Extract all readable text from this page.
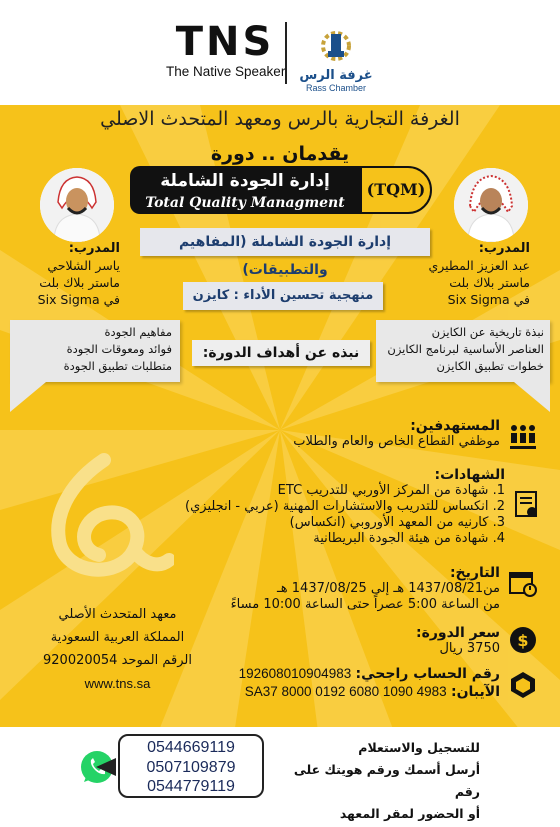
TNS
The Native Speaker غرفة الرس
Rass Chamber
الغرفة التجارية بالرس ومعهد المتحدث الاصلي
يقدمان .. دورة
إدارة الجودة الشاملة
Total Quality Managment
(TQM)
إدارة الجودة الشاملة (المفاهيم والتطبيقات)
منهجية تحسين الأداء : كايزن
نبذه عن أهداف الدورة:
المدرب:
ياسر الشلاحي
ماستر بلاك بلت
في Six Sigma
المدرب:
عبد العزيز المطيري
ماستر بلاك بلت
في Six Sigma
مفاهيم الجودة
فوائد ومعوقات الجودة
متطلبات تطبيق الجودة
نبذة تاريخية عن الكايزن
العناصر الأساسية لبرنامج الكايزن
خطوات تطبيق الكايزن
المستهدفين:
موظفي القطاع الخاص والعام والطلاب
الشهادات:
1. شهادة من المركز الأوربي للتدريب ETC
2. انكساس للتدريب والاستشارات المهنية (عربي - انجليزي)
3. كارنيه من المعهد الأوروبي (انكساس)
4. شهادة من هيئة الجودة البريطانية
التاريخ:
من1437/08/21 هـ إلى 1437/08/25 هـ
من الساعة 5:00 عصراً حتى الساعة 10:00 مساءً
$
سعر الدورة:
3750 ريال
رقم الحساب راجحي: 192608010904983
الآيبان: SA37 8000 0192 6080 1090 4983
معهد المتحدث الأصلي
المملكة العربية السعودية
الرقم الموحد 920020054
www.tns.sa
0544669119
0507109879
0544779119
للتسجيل والاستعلام
أرسل أسمك ورقم هويتك على رقم
أو الحضور لمقر المعهد
